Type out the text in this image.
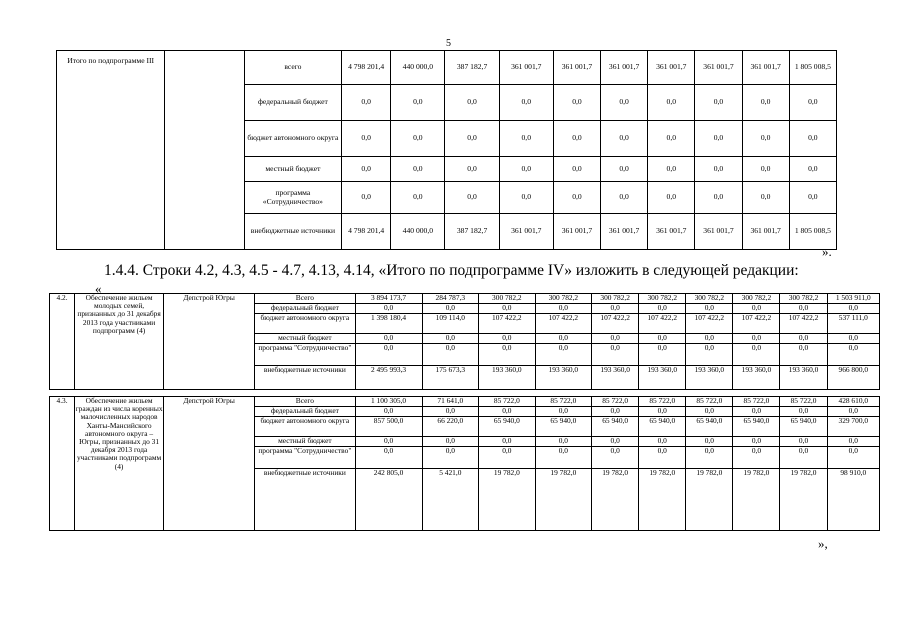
5
Итого по подпрограмме III		всего	4 798 201,4	440 000,0	387 182,7	361 001,7	361 001,7	361 001,7	361 001,7	361 001,7	361 001,7	1 805 008,5
		федеральный бюджет	0,0	0,0	0,0	0,0	0,0	0,0	0,0	0,0	0,0	0,0
		бюджет автономного округа	0,0	0,0	0,0	0,0	0,0	0,0	0,0	0,0	0,0	0,0
		местный бюджет	0,0	0,0	0,0	0,0	0,0	0,0	0,0	0,0	0,0	0,0
		программа «Сотрудничество»	0,0	0,0	0,0	0,0	0,0	0,0	0,0	0,0	0,0	0,0
		внебюджетные источники	4 798 201,4	440 000,0	387 182,7	361 001,7	361 001,7	361 001,7	361 001,7	361 001,7	361 001,7	1 805 008,5
».
1.4.4. Строки 4.2, 4.3, 4.5 - 4.7, 4.13, 4.14, «Итого по подпрограмме IV» изложить в следующей редакции:
«
4.2.	Обеспечение жильем молодых семей, признанных до 31 декабря 2013 года участниками подпрограмм (4)	Депстрой Югры	Всего	3 894 173,7	284 787,3	300 782,2	300 782,2	300 782,2	300 782,2	300 782,2	300 782,2	300 782,2	1 503 911,0
			федеральный бюджет	0,0	0,0	0,0	0,0	0,0	0,0	0,0	0,0	0,0	0,0
			бюджет автономного округа	1 398 180,4	109 114,0	107 422,2	107 422,2	107 422,2	107 422,2	107 422,2	107 422,2	107 422,2	537 111,0
			местный бюджет	0,0	0,0	0,0	0,0	0,0	0,0	0,0	0,0	0,0	0,0
			программа "Сотрудничество"	0,0	0,0	0,0	0,0	0,0	0,0	0,0	0,0	0,0	0,0
			внебюджетные источники	2 495 993,3	175 673,3	193 360,0	193 360,0	193 360,0	193 360,0	193 360,0	193 360,0	193 360,0	966 800,0
4.3.	Обеспечение жильем граждан из числа коренных малочисленных народов Ханты-Мансийского автономного округа – Югры, признанных до 31 декабря 2013 года участниками подпрограмм (4)	Депстрой Югры	Всего	1 100 305,0	71 641,0	85 722,0	85 722,0	85 722,0	85 722,0	85 722,0	85 722,0	85 722,0	428 610,0
			федеральный бюджет	0,0	0,0	0,0	0,0	0,0	0,0	0,0	0,0	0,0	0,0
			бюджет автономного округа	857 500,0	66 220,0	65 940,0	65 940,0	65 940,0	65 940,0	65 940,0	65 940,0	65 940,0	329 700,0
			местный бюджет	0,0	0,0	0,0	0,0	0,0	0,0	0,0	0,0	0,0	0,0
			программа "Сотрудничество"	0,0	0,0	0,0	0,0	0,0	0,0	0,0	0,0	0,0	0,0
			внебюджетные источники	242 805,0	5 421,0	19 782,0	19 782,0	19 782,0	19 782,0	19 782,0	19 782,0	19 782,0	98 910,0
»,
